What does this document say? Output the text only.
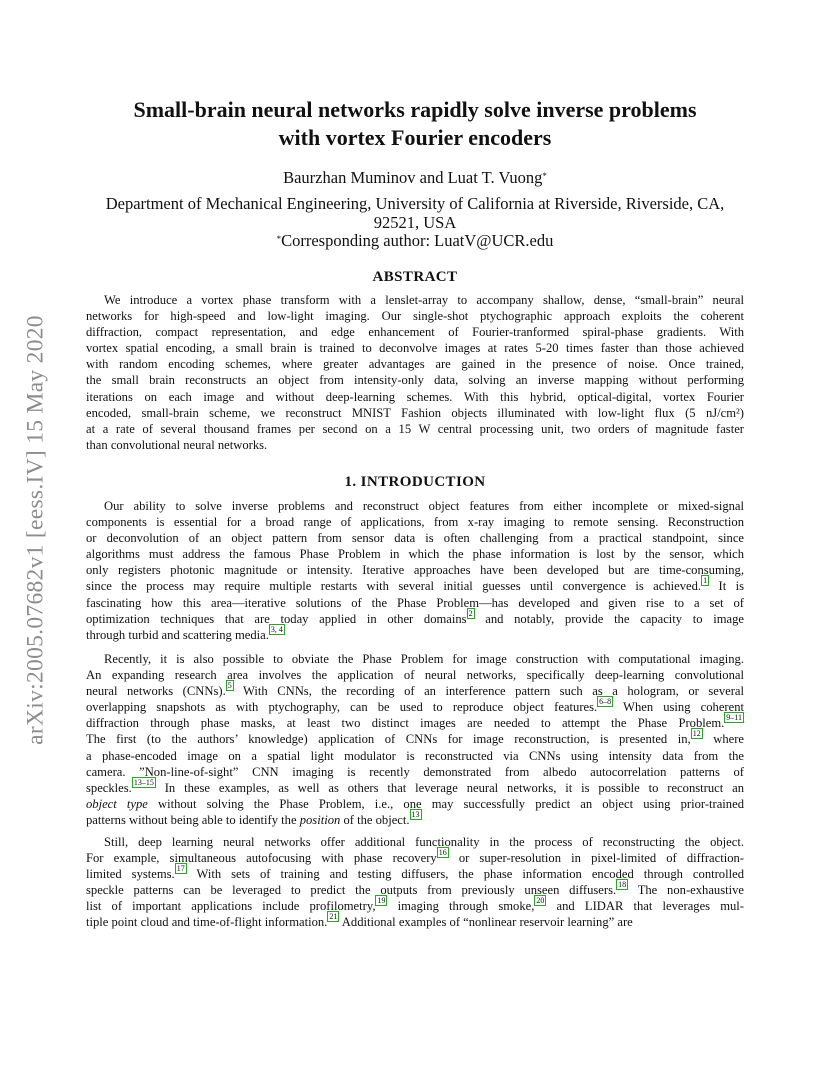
arXiv:2005.07682v1 [eess.IV] 15 May 2020
Small-brain neural networks rapidly solve inverse problems
with vortex Fourier encoders
Baurzhan Muminov and Luat T. Vuong*
Department of Mechanical Engineering, University of California at Riverside, Riverside, CA,
92521, USA
*Corresponding author: LuatV@UCR.edu
ABSTRACT
We introduce a vortex phase transform with a lenslet-array to accompany shallow, dense, “small-brain” neural
networks for high-speed and low-light imaging. Our single-shot ptychographic approach exploits the coherent
diffraction, compact representation, and edge enhancement of Fourier-tranformed spiral-phase gradients. With
vortex spatial encoding, a small brain is trained to deconvolve images at rates 5-20 times faster than those achieved
with random encoding schemes, where greater advantages are gained in the presence of noise. Once trained,
the small brain reconstructs an object from intensity-only data, solving an inverse mapping without performing
iterations on each image and without deep-learning schemes. With this hybrid, optical-digital, vortex Fourier
encoded, small-brain scheme, we reconstruct MNIST Fashion objects illuminated with low-light flux (5 nJ/cm²)
at a rate of several thousand frames per second on a 15 W central processing unit, two orders of magnitude faster
than convolutional neural networks.
1. INTRODUCTION
Our ability to solve inverse problems and reconstruct object features from either incomplete or mixed-signal
components is essential for a broad range of applications, from x-ray imaging to remote sensing. Reconstruction
or deconvolution of an object pattern from sensor data is often challenging from a practical standpoint, since
algorithms must address the famous Phase Problem in which the phase information is lost by the sensor, which
only registers photonic magnitude or intensity. Iterative approaches have been developed but are time-consuming,
since the process may require multiple restarts with several initial guesses until convergence is achieved. $^1$ It is
fascinating how this area—iterative solutions of the Phase Problem—has developed and given rise to a set of
optimization techniques that are today applied in other domains $^2$ and notably, provide the capacity to image
through turbid and scattering media. $^{3, 4}$
Recently, it is also possible to obviate the Phase Problem for image construction with computational imaging.
An expanding research area involves the application of neural networks, specifically deep-learning convolutional
neural networks (CNNs). $^5$ With CNNs, the recording of an interference pattern such as a hologram, or several
overlapping snapshots as with ptychography, can be used to reproduce object features. $^{6-8}$ When using coherent
diffraction through phase masks, at least two distinct images are needed to attempt the Phase Problem. $^{9-11}$
The first (to the authors’ knowledge) application of CNNs for image reconstruction, is presented in, $^{12}$ where
a phase-encoded image on a spatial light modulator is reconstructed via CNNs using intensity data from the
camera. ”Non-line-of-sight” CNN imaging is recently demonstrated from albedo autocorrelation patterns of
speckles. $^{13-15}$ In these examples, as well as others that leverage neural networks, it is possible to reconstruct an
object type without solving the Phase Problem, i.e., one may successfully predict an object using prior-trained
patterns without being able to identify the position of the object. $^{13}$
Still, deep learning neural networks offer additional functionality in the process of reconstructing the object.
For example, simultaneous autofocusing with phase recovery $^{16}$ or super-resolution in pixel-limited of diffraction-
limited systems. $^{17}$ With sets of training and testing diffusers, the phase information encoded through controlled
speckle patterns can be leveraged to predict the outputs from previously unseen diffusers. $^{18}$ The non-exhaustive
list of important applications include profilometry, $^{19}$ imaging through smoke, $^{20}$ and LIDAR that leverages mul-
tiple point cloud and time-of-flight information. $^{21}$ Additional examples of “nonlinear reservoir learning” are
